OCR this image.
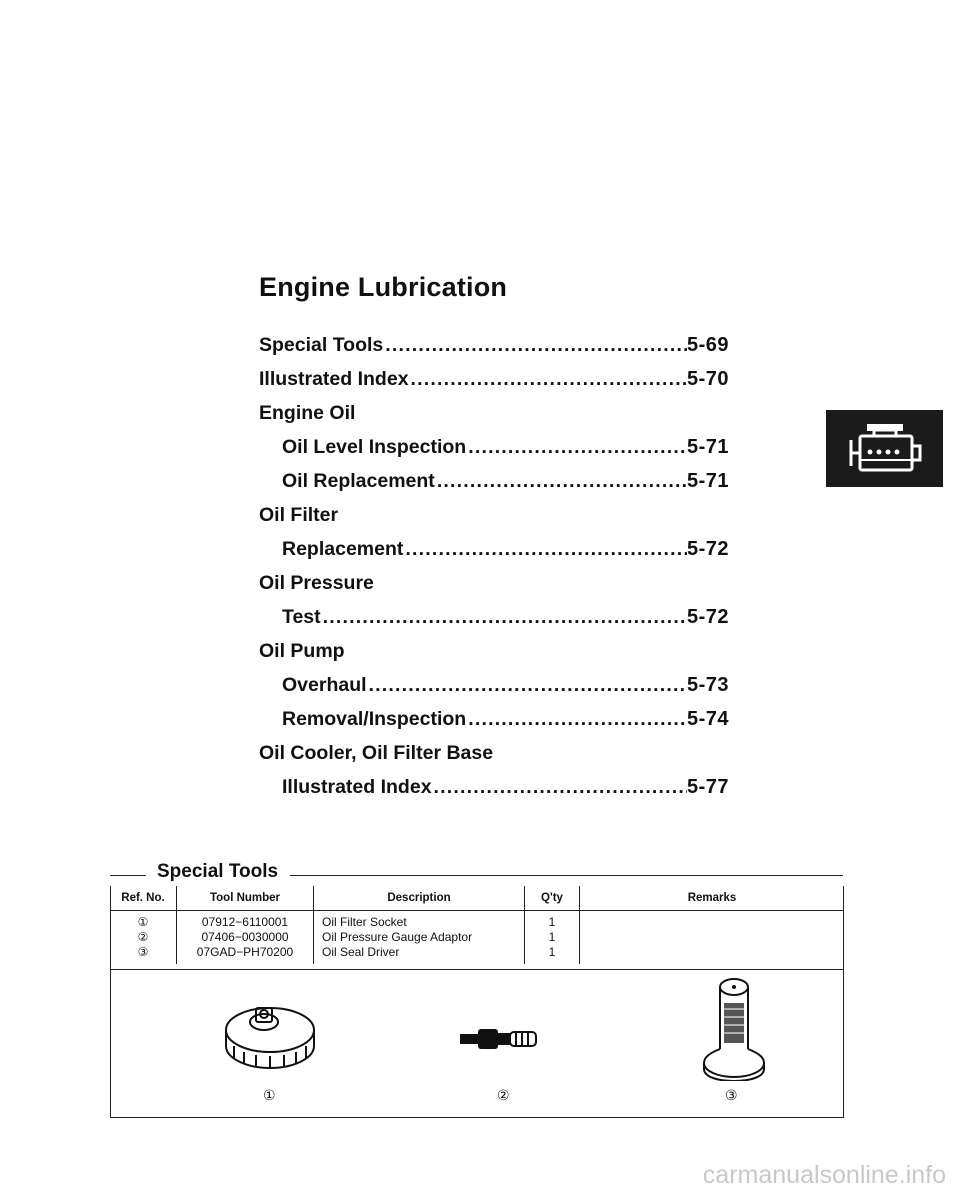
Engine Lubrication
Special Tools .....	5-69
Illustrated Index .....	5-70
Engine Oil
Oil Level Inspection .....	5-71
Oil Replacement .....	5-71
Oil Filter
Replacement .....	5-72
Oil Pressure
Test .....	5-72
Oil Pump
Overhaul .....	5-73
Removal/Inspection .....	5-74
Oil Cooler, Oil Filter Base
Illustrated Index .....	5-77
Special Tools
Ref. No.	Tool Number	Description	Q'ty	Remarks
①	07912−6110001	Oil Filter Socket	1	
②	07406−0030000	Oil Pressure Gauge Adaptor	1	
③	07GAD−PH70200	Oil Seal Driver	1	
①	②	③
carmanualsonline.info
